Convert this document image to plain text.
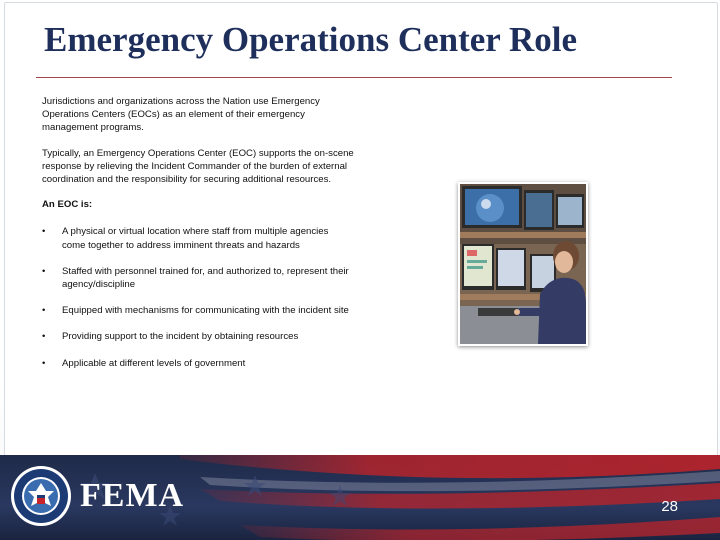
Emergency Operations Center Role

Jurisdictions and organizations across the Nation use Emergency Operations Centers (EOCs) as an element of their emergency management programs.

Typically, an Emergency Operations Center (EOC) supports the on-scene response by relieving the Incident Commander of the burden of external coordination and the responsibility for securing additional resources.

An EOC is:

• A physical or virtual location where staff from multiple agencies come together to address imminent threats and hazards
• Staffed with personnel trained for, and authorized to, represent their agency/discipline
• Equipped with mechanisms for communicating with the incident site
• Providing support to the incident by obtaining resources
• Applicable at different levels of government
FEMA	28
